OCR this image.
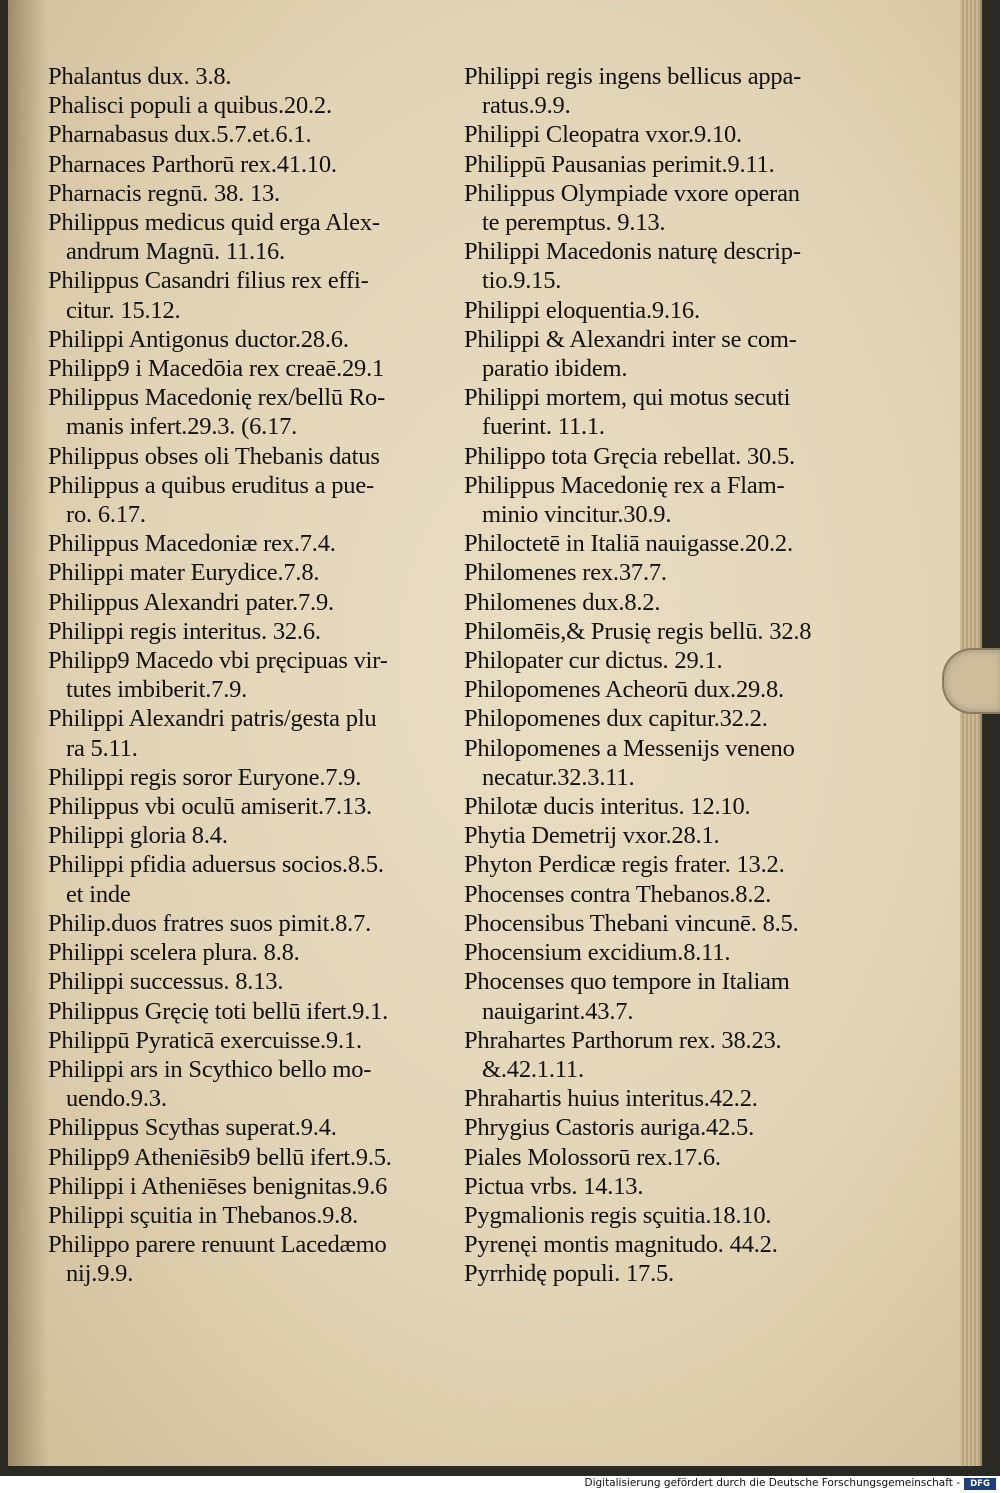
Phalantus dux. 3.8.
Phalisci populi a quibus.20.2.
Pharnabasus dux.5.7.et.6.1.
Pharnaces Parthorū rex.41.10.
Pharnacis regnū. 38. 13.
Philippus medicus quid erga Alex-
andrum Magnū. 11.16.
Philippus Casandri filius rex effi-
citur. 15.12.
Philippi Antigonus ductor.28.6.
Philipp9 i Macedōia rex creaē.29.1
Philippus Macedonię rex/bellū Ro-
manis infert.29.3. (6.17.
Philippus obses oli Thebanis datus
Philippus a quibus eruditus a pue-
ro. 6.17.
Philippus Macedoniæ rex.7.4.
Philippi mater Eurydice.7.8.
Philippus Alexandri pater.7.9.
Philippi regis interitus. 32.6.
Philipp9 Macedo vbi pręcipuas vir-
tutes imbiberit.7.9.
Philippi Alexandri patris/gesta plu
ra 5.11.
Philippi regis soror Euryone.7.9.
Philippus vbi oculū amiserit.7.13.
Philippi gloria 8.4.
Philippi pfidia aduersus socios.8.5.
et inde
Philip.duos fratres suos pimit.8.7.
Philippi scelera plura. 8.8.
Philippi successus. 8.13.
Philippus Gręcię toti bellū ifert.9.1.
Philippū Pyraticā exercuisse.9.1.
Philippi ars in Scythico bello mo-
uendo.9.3.
Philippus Scythas superat.9.4.
Philipp9 Atheniēsib9 bellū ifert.9.5.
Philippi i Atheniēses benignitas.9.6
Philippi sçuitia in Thebanos.9.8.
Philippo parere renuunt Lacedæmo
nij.9.9.
Philippi regis ingens bellicus appa-
ratus.9.9.
Philippi Cleopatra vxor.9.10.
Philippū Pausanias perimit.9.11.
Philippus Olympiade vxore operan
te peremptus. 9.13.
Philippi Macedonis naturę descrip-
tio.9.15.
Philippi eloquentia.9.16.
Philippi & Alexandri inter se com-
paratio ibidem.
Philippi mortem, qui motus secuti
fuerint. 11.1.
Philippo tota Gręcia rebellat. 30.5.
Philippus Macedonię rex a Flam-
minio vincitur.30.9.
Philoctetē in Italiā nauigasse.20.2.
Philomenes rex.37.7.
Philomenes dux.8.2.
Philomēis,& Prusię regis bellū. 32.8
Philopater cur dictus. 29.1.
Philopomenes Acheorū dux.29.8.
Philopomenes dux capitur.32.2.
Philopomenes a Messenijs veneno
necatur.32.3.11.
Philotæ ducis interitus. 12.10.
Phytia Demetrij vxor.28.1.
Phyton Perdicæ regis frater. 13.2.
Phocenses contra Thebanos.8.2.
Phocensibus Thebani vincunē. 8.5.
Phocensium excidium.8.11.
Phocenses quo tempore in Italiam
nauigarint.43.7.
Phrahartes Parthorum rex. 38.23.
&.42.1.11.
Phrahartis huius interitus.42.2.
Phrygius Castoris auriga.42.5.
Piales Molossorū rex.17.6.
Pictua vrbs. 14.13.
Pygmalionis regis sçuitia.18.10.
Pyrenęi montis magnitudo. 44.2.
Pyrrhidę populi. 17.5.
Digitalisierung gefördert durch die Deutsche Forschungsgemeinschaft -	DFG
